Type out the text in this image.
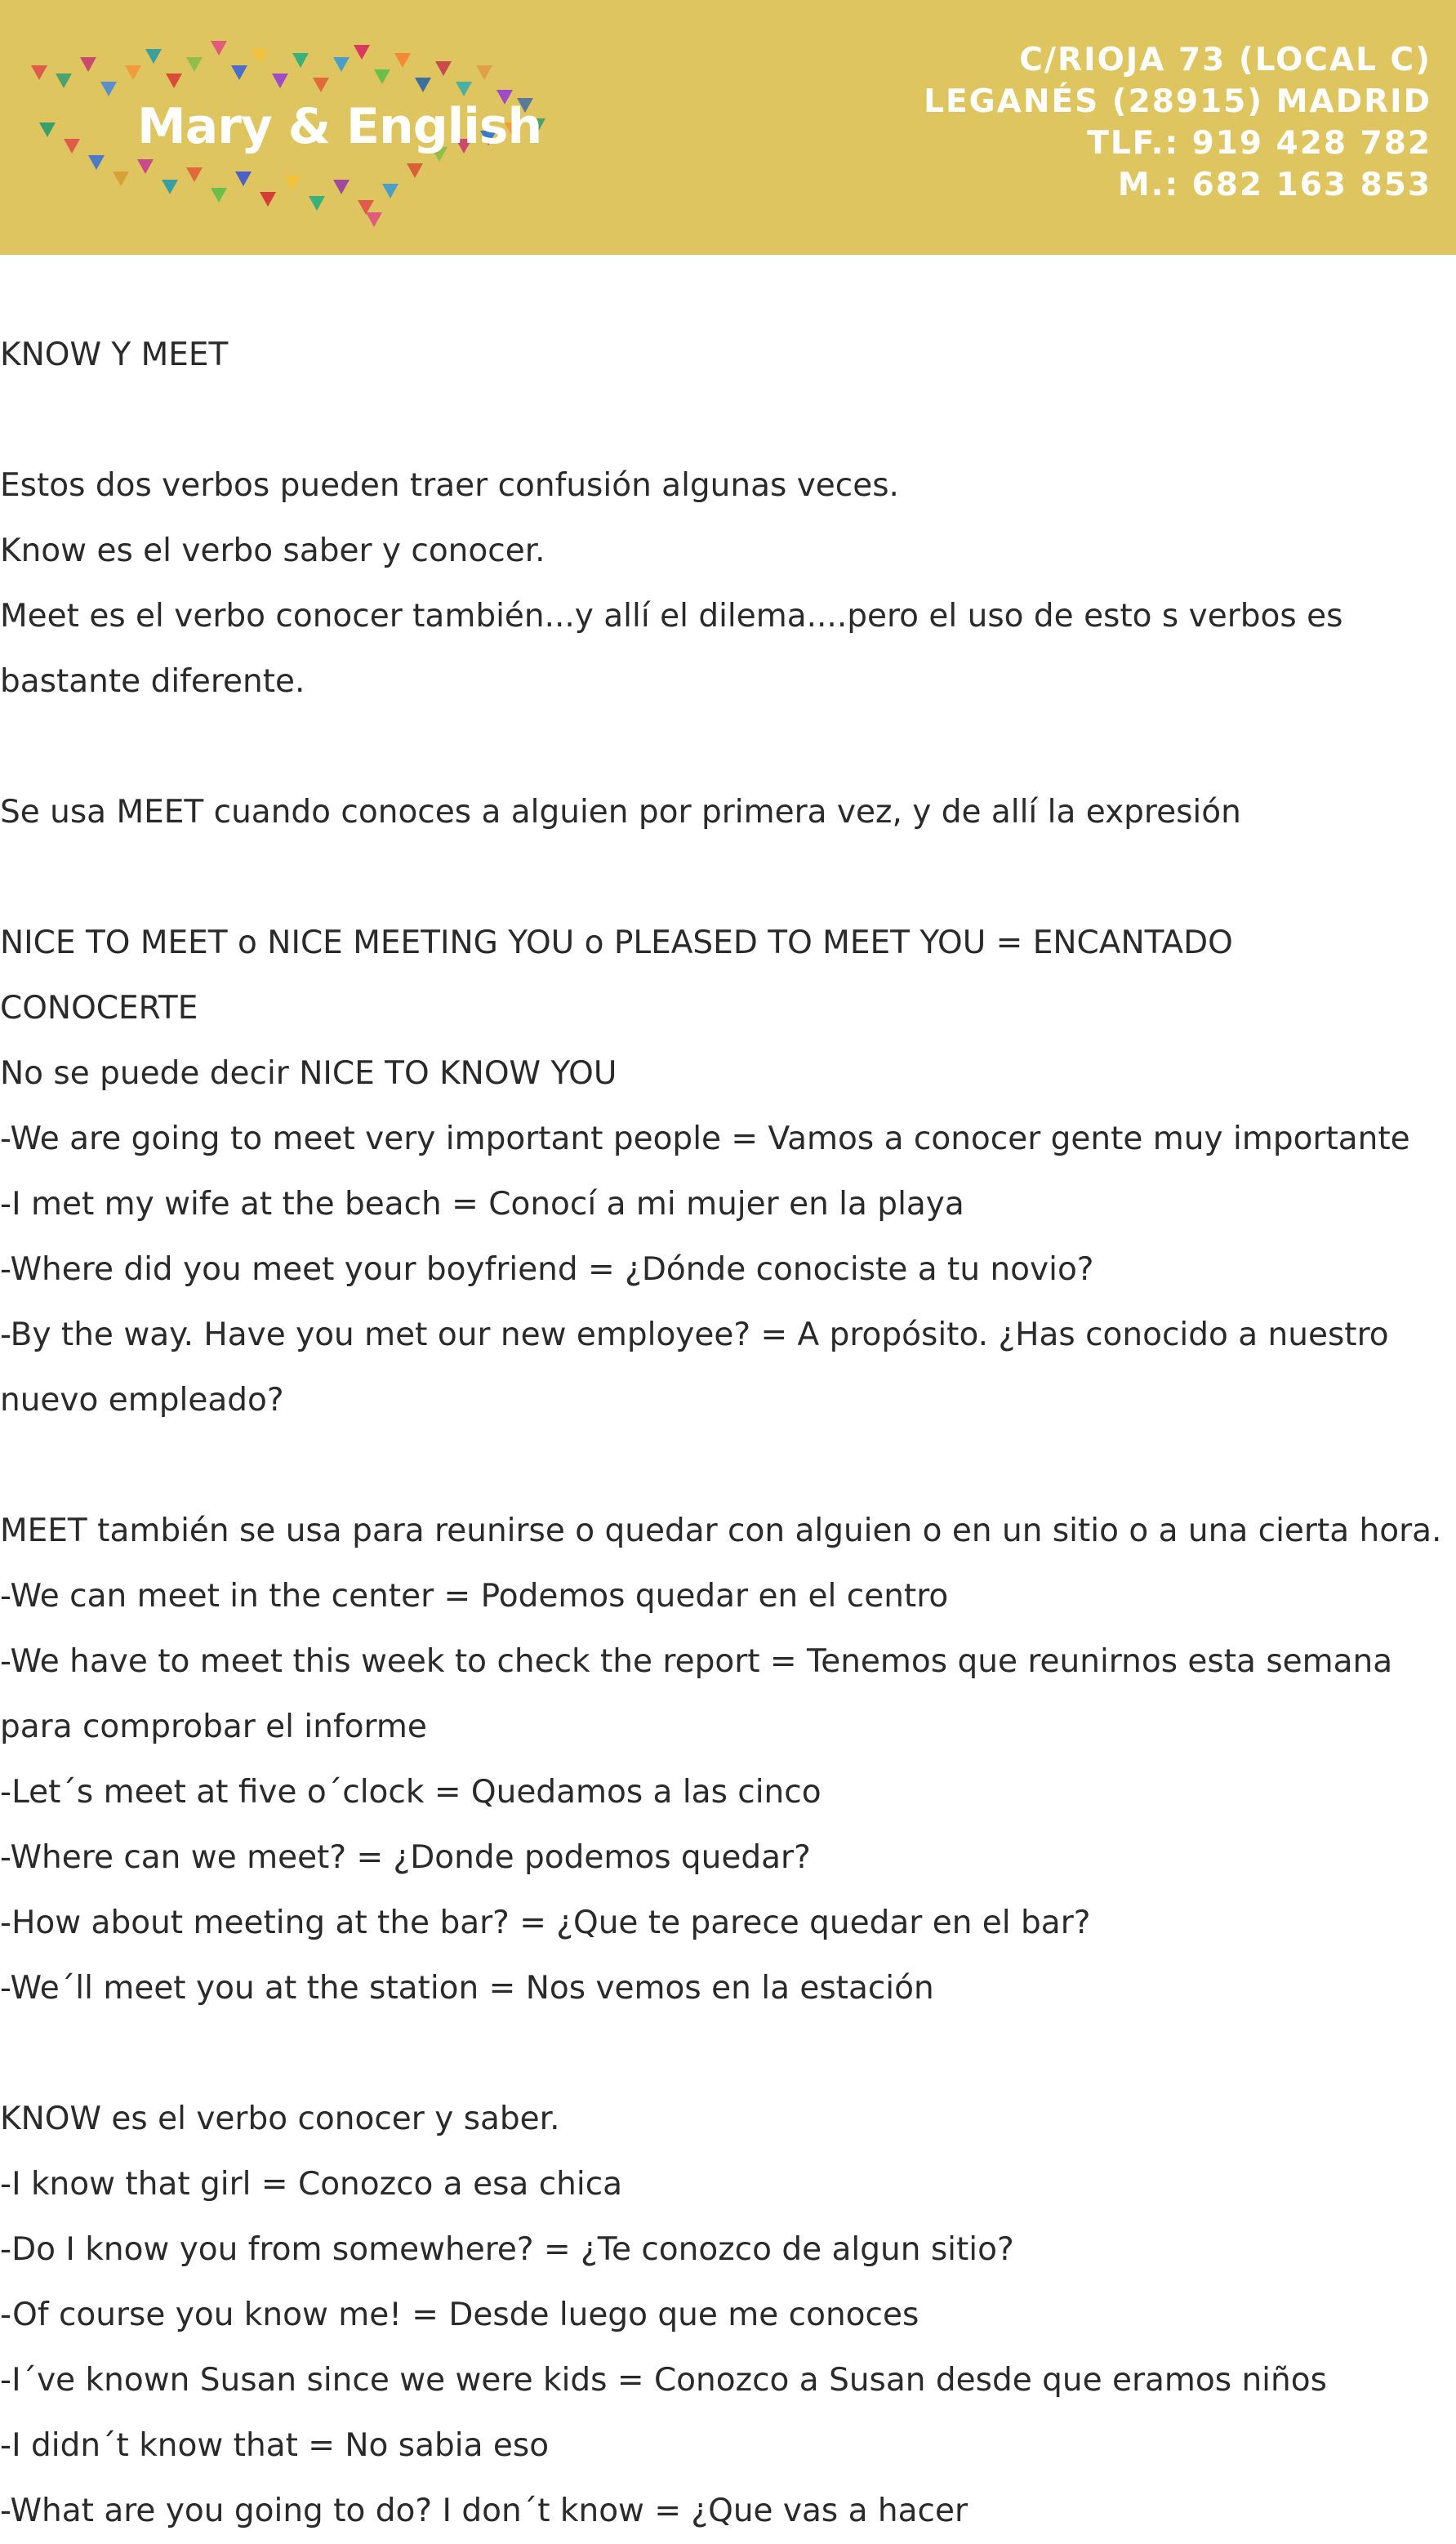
Mary & English
C/RIOJA 73 (LOCAL C)
LEGANÉS (28915) MADRID
TLF.: 919 428 782
M.: 682 163 853

KNOW Y MEET

Estos dos verbos pueden traer confusión algunas veces.

Know es el verbo saber y conocer.

Meet es el verbo conocer también...y allí el dilema....pero el uso de esto s verbos es

bastante diferente.

Se usa MEET cuando conoces a alguien por primera vez, y de allí la expresión

NICE TO MEET o NICE MEETING YOU o PLEASED TO MEET YOU = ENCANTADO

CONOCERTE

No se puede decir NICE TO KNOW YOU

-We are going to meet very important people = Vamos a conocer gente muy importante

-I met my wife at the beach = Conocí a mi mujer en la playa

-Where did you meet your boyfriend = ¿Dónde conociste a tu novio?

-By the way. Have you met our new employee? = A propósito. ¿Has conocido a nuestro

nuevo empleado?

MEET también se usa para reunirse o quedar con alguien o en un sitio o a una cierta hora.

-We can meet in the center = Podemos quedar en el centro

-We have to meet this week to check the report = Tenemos que reunirnos esta semana

para comprobar el informe

-Let´s meet at five o´clock = Quedamos a las cinco

-Where can we meet? = ¿Donde podemos quedar?

-How about meeting at the bar? = ¿Que te parece quedar en el bar?

-We´ll meet you at the station = Nos vemos en la estación

KNOW es el verbo conocer y saber.

-I know that girl = Conozco a esa chica

-Do I know you from somewhere? = ¿Te conozco de algun sitio?

-Of course you know me! = Desde luego que me conoces

-I´ve known Susan since we were kids = Conozco a Susan desde que eramos niños

-I didn´t know that = No sabia eso

-What are you going to do? I don´t know = ¿Que vas a hacer
